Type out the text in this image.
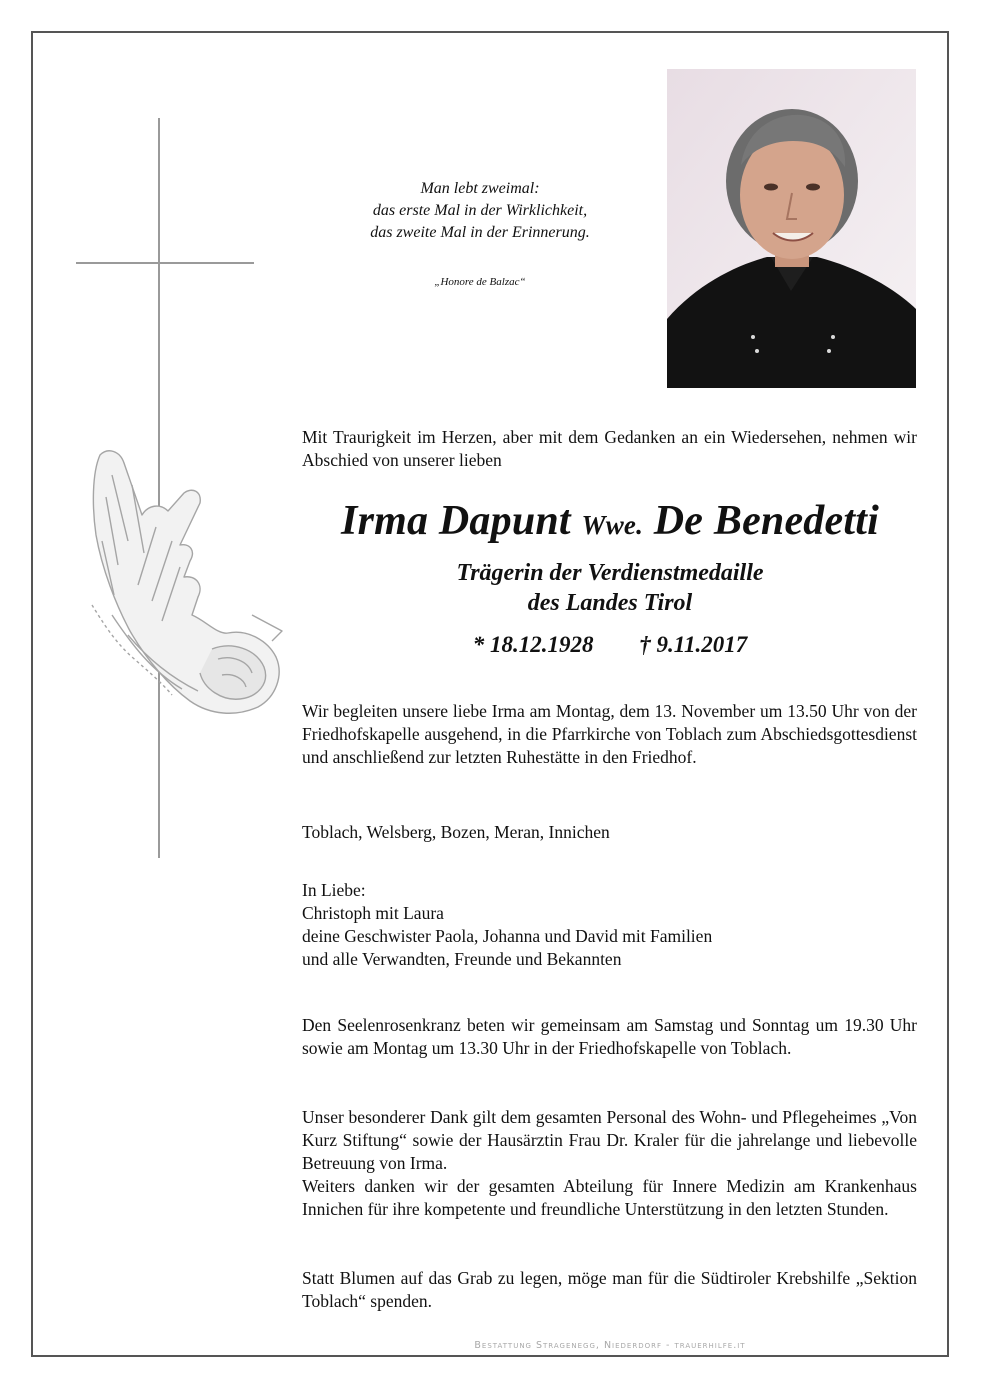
Man lebt zweimal:
das erste Mal in der Wirklichkeit,
das zweite Mal in der Erinnerung.
„Honore de Balzac“

Mit Traurigkeit im Herzen, aber mit dem Gedanken an ein Wiedersehen, nehmen wir Abschied von unserer lieben

Irma Dapunt Wwe. De Benedetti
Trägerin der Verdienstmedaille
des Landes Tirol
* 18.12.1928 † 9.11.2017

Wir begleiten unsere liebe Irma am Montag, dem 13. November um 13.50 Uhr von der Friedhofskapelle ausgehend, in die Pfarrkirche von Toblach zum Abschiedsgottesdienst und anschließend zur letzten Ruhestätte in den Friedhof.

Toblach, Welsberg, Bozen, Meran, Innichen

In Liebe:
Christoph mit Laura
deine Geschwister Paola, Johanna und David mit Familien
und alle Verwandten, Freunde und Bekannten

Den Seelenrosenkranz beten wir gemeinsam am Samstag und Sonntag um 19.30 Uhr sowie am Montag um 13.30 Uhr in der Friedhofskapelle von Toblach.

Unser besonderer Dank gilt dem gesamten Personal des Wohn- und Pflegeheimes „Von Kurz Stiftung“ sowie der Hausärztin Frau Dr. Kraler für die jahrelange und liebevolle Betreuung von Irma.

Weiters danken wir der gesamten Abteilung für Innere Medizin am Krankenhaus Innichen für ihre kompetente und freundliche Unterstützung in den letzten Stunden.

Statt Blumen auf das Grab zu legen, möge man für die Südtiroler Krebshilfe „Sektion Toblach“ spenden.

Bestattung Stragenegg, Niederdorf - trauerhilfe.it
